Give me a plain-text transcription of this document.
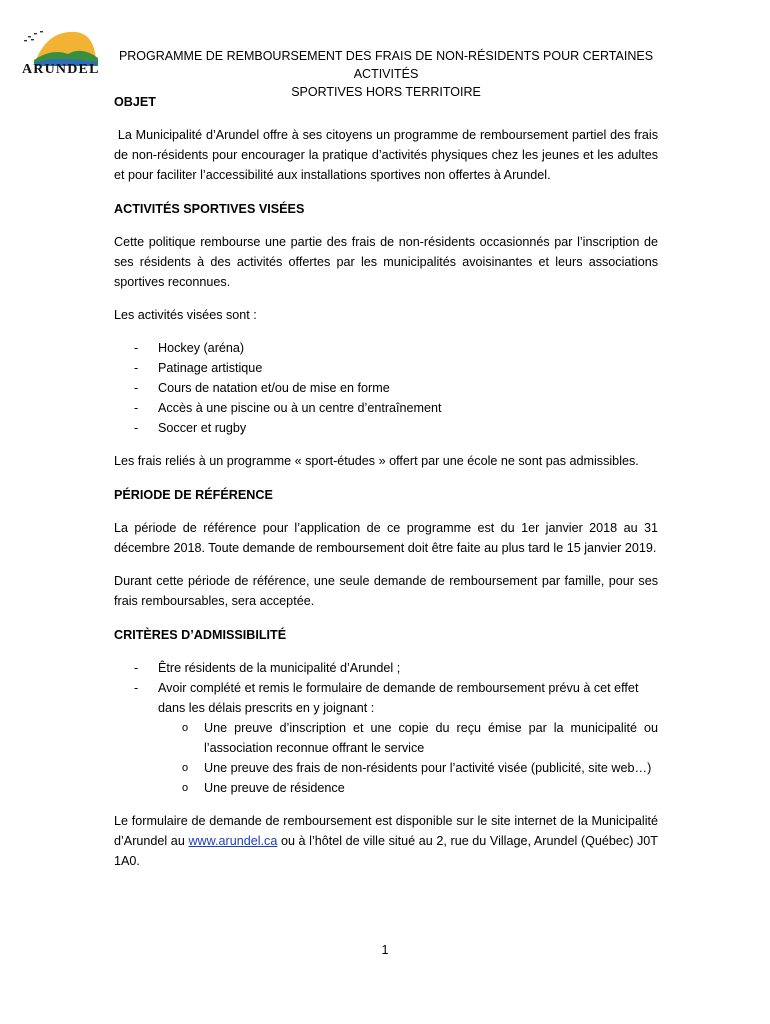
ARUNDEL
PROGRAMME DE REMBOURSEMENT DES FRAIS DE NON-RÉSIDENTS POUR CERTAINES ACTIVITÉS
SPORTIVES HORS TERRITOIRE
OBJET

La Municipalité d’Arundel offre à ses citoyens un programme de remboursement partiel des frais de non-résidents pour encourager la pratique d’activités physiques chez les jeunes et les adultes et pour faciliter l’accessibilité aux installations sportives non offertes à Arundel.

ACTIVITÉS SPORTIVES VISÉES

Cette politique rembourse une partie des frais de non-résidents occasionnés par l’inscription de ses résidents à des activités offertes par les municipalités avoisinantes et leurs associations sportives reconnues.

Les activités visées sont :

- Hockey (aréna)
- Patinage artistique
- Cours de natation et/ou de mise en forme
- Accès à une piscine ou à un centre d’entraînement
- Soccer et rugby

Les frais reliés à un programme « sport-études » offert par une école ne sont pas admissibles.

PÉRIODE DE RÉFÉRENCE

La période de référence pour l’application de ce programme est du 1er janvier 2018 au 31 décembre 2018. Toute demande de remboursement doit être faite au plus tard le 15 janvier 2019.

Durant cette période de référence, une seule demande de remboursement par famille, pour ses frais remboursables, sera acceptée.

CRITÈRES D’ADMISSIBILITÉ
- Être résidents de la municipalité d’Arundel ;
- Avoir complété et remis le formulaire de demande de remboursement prévu à cet effet dans les délais prescrits en y joignant :
o Une preuve d’inscription et une copie du reçu émise par la municipalité ou l’association reconnue offrant le service
o Une preuve des frais de non-résidents pour l’activité visée (publicité, site web…)
o Une preuve de résidence

Le formulaire de demande de remboursement est disponible sur le site internet de la Municipalité d’Arundel au www.arundel.ca ou à l’hôtel de ville situé au 2, rue du Village, Arundel (Québec) J0T 1A0.

1
